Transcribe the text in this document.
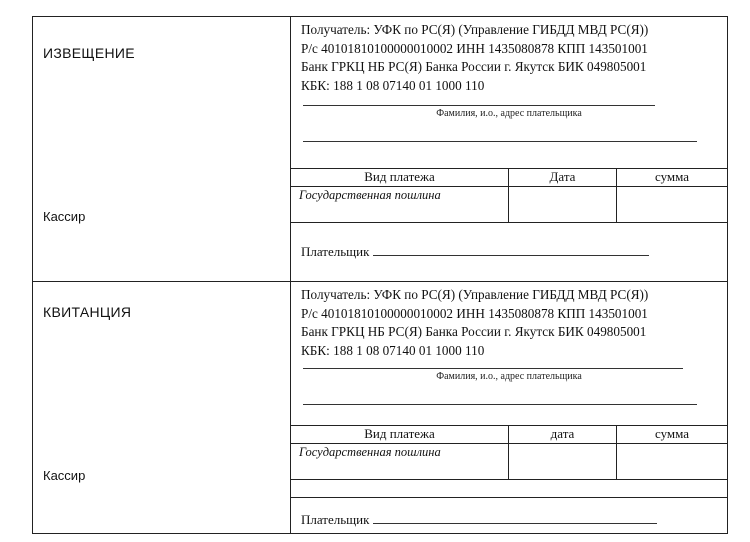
ИЗВЕЩЕНИЕ
Кассир
Получатель: УФК по РС(Я) (Управление ГИБДД МВД РС(Я))
Р/с 40101810100000010002 ИНН 1435080878 КПП 143501001
Банк ГРКЦ НБ РС(Я) Банка России г. Якутск БИК 049805001
КБК: 188 1 08 07140 01 1000 110
Фамилия, и.о., адрес плательщика
Вид платежа	Дата	сумма
Государственная пошлина
Плательщик
КВИТАНЦИЯ
Кассир
Получатель: УФК по РС(Я) (Управление ГИБДД МВД РС(Я))
Р/с 40101810100000010002 ИНН 1435080878 КПП 143501001
Банк ГРКЦ НБ РС(Я) Банка России г. Якутск БИК 049805001
КБК: 188 1 08 07140 01 1000 110
Фамилия, и.о., адрес плательщика
Вид платежа	дата	сумма
Государственная пошлина
Плательщик
